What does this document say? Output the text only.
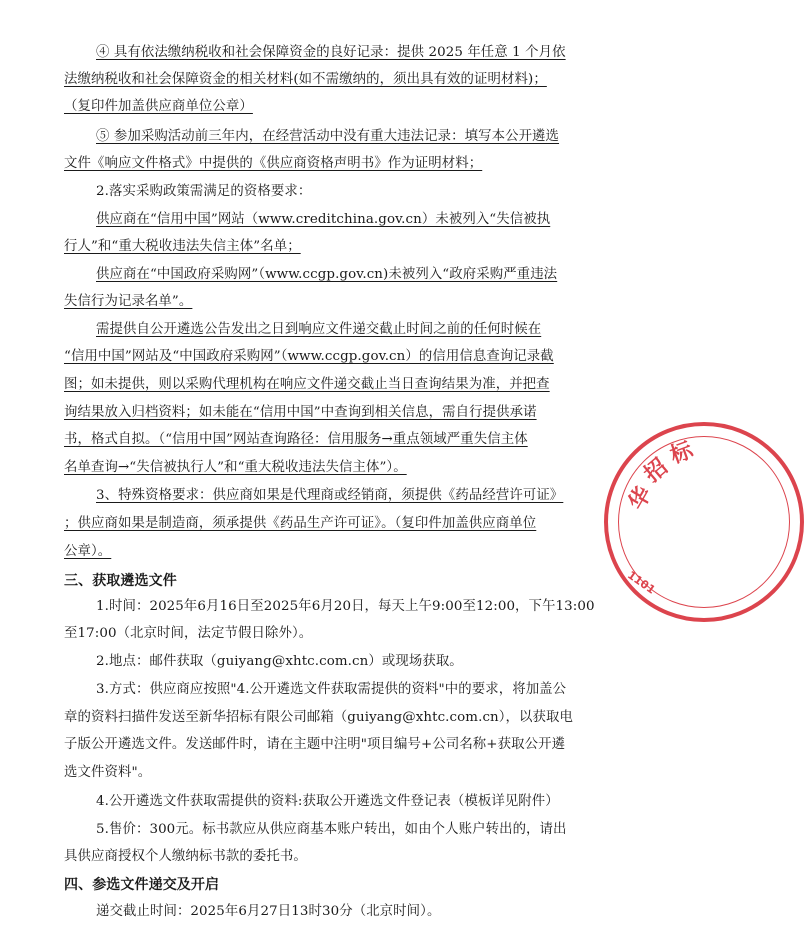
④ 具有依法缴纳税收和社会保障资金的良好记录：提供 2025 年任意 1 个月依
法缴纳税收和社会保障资金的相关材料(如不需缴纳的，须出具有效的证明材料)；
（复印件加盖供应商单位公章）
⑤ 参加采购活动前三年内，在经营活动中没有重大违法记录：填写本公开遴选
文件《响应文件格式》中提供的《供应商资格声明书》作为证明材料；
2.落实采购政策需满足的资格要求：
供应商在“信用中国”网站（www.creditchina.gov.cn）未被列入“失信被执
行人”和“重大税收违法失信主体”名单；
供应商在“中国政府采购网”（www.ccgp.gov.cn)未被列入“政府采购严重违法
失信行为记录名单”。
需提供自公开遴选公告发出之日到响应文件递交截止时间之前的任何时候在
“信用中国”网站及“中国政府采购网”（www.ccgp.gov.cn）的信用信息查询记录截
图；如未提供，则以采购代理机构在响应文件递交截止当日查询结果为准，并把查
询结果放入归档资料；如未能在“信用中国”中查询到相关信息，需自行提供承诺
书，格式自拟。（“信用中国”网站查询路径：信用服务→重点领域严重失信主体
名单查询→“失信被执行人”和“重大税收违法失信主体”）。
3、特殊资格要求：供应商如果是代理商或经销商，须提供《药品经营许可证》
；供应商如果是制造商，须承提供《药品生产许可证》。（复印件加盖供应商单位
公章）。
三、获取遴选文件
1.时间：2025年6月16日至2025年6月20日，每天上午9:00至12:00，下午13:00
至17:00（北京时间，法定节假日除外）。
2.地点：邮件获取（guiyang@xhtc.com.cn）或现场获取。
3.方式：供应商应按照"4.公开遴选文件获取需提供的资料"中的要求，将加盖公
章的资料扫描件发送至新华招标有限公司邮箱（guiyang@xhtc.com.cn），以获取电
子版公开遴选文件。发送邮件时，请在主题中注明"项目编号+公司名称+获取公开遴
选文件资料"。
4.公开遴选文件获取需提供的资料:获取公开遴选文件登记表（模板详见附件）
5.售价：300元。标书款应从供应商基本账户转出，如由个人账户转出的，请出
具供应商授权个人缴纳标书款的委托书。
四、参选文件递交及开启
递交截止时间：2025年6月27日13时30分（北京时间）。
华
招
标
1101
